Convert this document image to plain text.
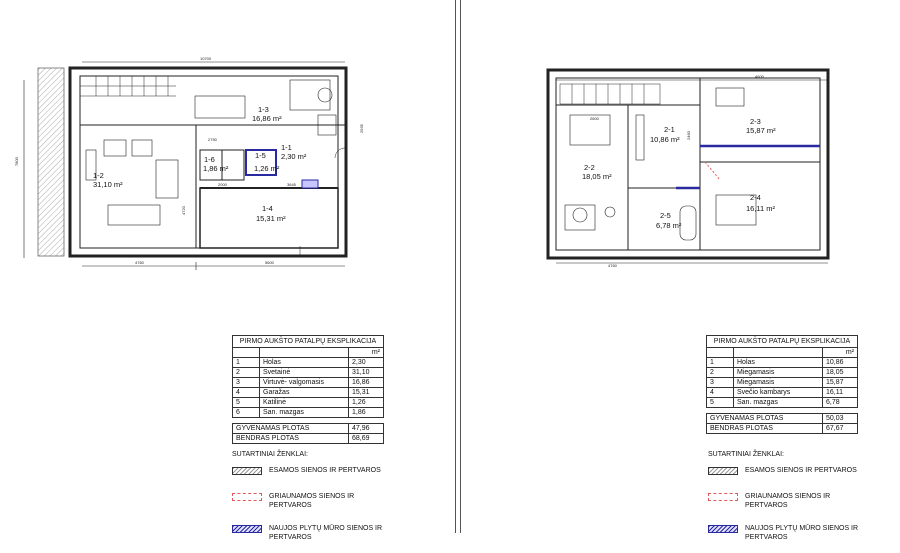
10700
7800
4760	5600
2750
2000	3645
4720
2935
1-3
16,86 m²
1-1
2,30 m²
1-2
31,10 m²
1-6
1,86 m²
1-5
1,26 m²
1-4
15,31 m²
4600
4760
2600
2460
2-1
10,86 m²
2-2
18,05 m²
2-3
15,87 m²
2-4
16,11 m²
2-5
6,78 m²
PIRMO AUKŠTO PATALPŲ EKSPLIKACIJA		
		m²
1	Holas	2,30
2	Svetainė	31,10
3	Virtuvė- valgomasis	16,86
4	Garažas	15,31
5	Katilinė	1,26
6	San. mazgas	1,86

GYVENAMAS PLOTAS		47,96
BENDRAS PLOTAS		68,69
PIRMO AUKŠTO PATALPŲ EKSPLIKACIJA		
		m²
1	Holas	10,86
2	Miegamasis	18,05
3	Miegamasis	15,87
4	Svečio kambarys	16,11
5	San. mazgas	6,78

GYVENAMAS PLOTAS		50,03
BENDRAS PLOTAS		67,67
SUTARTINIAI ŽENKLAI:
ESAMOS SIENOS IR PERTVAROS
GRIAUNAMOS SIENOS IR PERTVAROS
NAUJOS PLYTŲ MŪRO SIENOS IR PERTVAROS
SUTARTINIAI ŽENKLAI:
ESAMOS SIENOS IR PERTVAROS
GRIAUNAMOS SIENOS IR PERTVAROS
NAUJOS PLYTŲ MŪRO SIENOS IR PERTVAROS
